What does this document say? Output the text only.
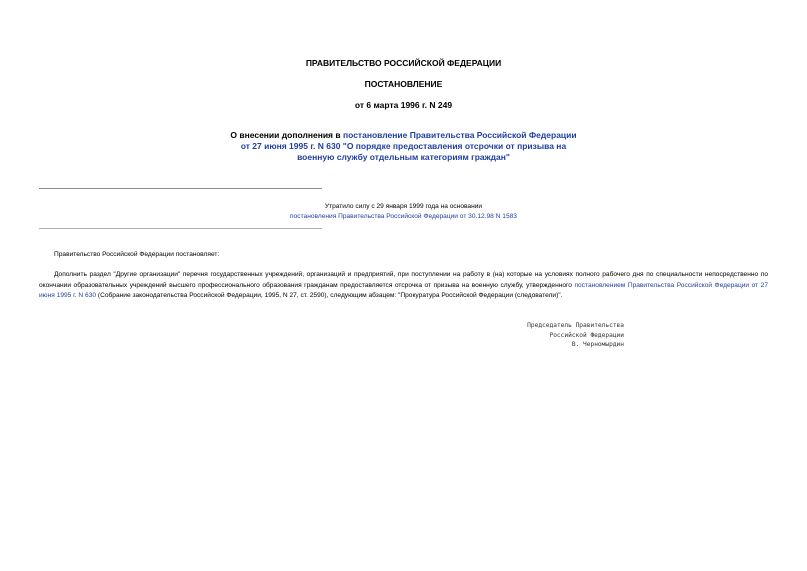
ПРАВИТЕЛЬСТВО РОССИЙСКОЙ ФЕДЕРАЦИИ
ПОСТАНОВЛЕНИЕ
от 6 марта 1996 г. N 249
О внесении дополнения в постановление Правительства Российской Федерации от 27 июня 1995 г. N 630 "О порядке предоставления отсрочки от призыва на военную службу отдельным категориям граждан"
Утратило силу с 29 января 1999 года на основании
постановления Правительства Российской Федерации от 30.12.98 N 1583
Правительство Российской Федерации постановляет:
Дополнить раздел "Другие организации" перечня государственных учреждений, организаций и предприятий, при поступлении на работу в (на) которые на условиях полного рабочего дня по специальности непосредственно по окончании образовательных учреждений высшего профессионального образования гражданам предоставляется отсрочка от призыва на военную службу, утвержденного постановлением Правительства Российской Федерации от 27 июня 1995 г. N 630 (Собрание законодательства Российской Федерации, 1995, N 27, ст. 2590), следующим абзацем: "Прокуратура Российской Федерации (следователи)".
Председатель Правительства
Российской Федерации
В. Черномырдин
